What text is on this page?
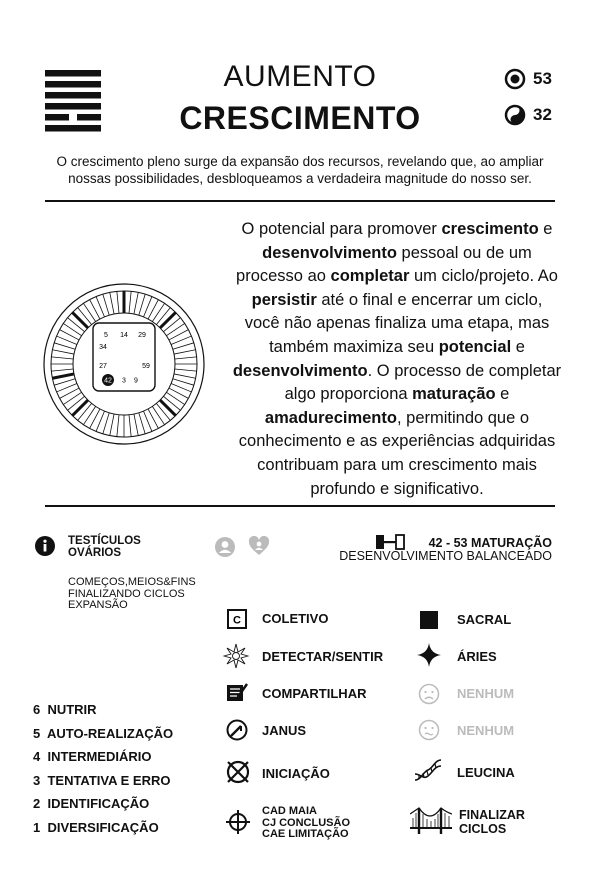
AUMENTO
CRESCIMENTO
53
32
O crescimento pleno surge da expansão dos recursos, revelando que, ao ampliar
nossas possibilidades, desbloqueamos a verdadeira magnitude do nosso ser.
5 14 29
34
27	59
42 3 9
O potencial para promover crescimento e desenvolvimento pessoal ou de um processo ao completar um ciclo/projeto. Ao persistir até o final e encerrar um ciclo, você não apenas finaliza uma etapa, mas também maximiza seu potencial e desenvolvimento. O processo de completar algo proporciona maturação e amadurecimento, permitindo que o conhecimento e as experiências adquiridas contribuam para um crescimento mais profundo e significativo.
TESTÍCULOS
OVÁRIOS
COMEÇOS,MEIOS&FINS
FINALIZANDO CICLOS
EXPANSÃO
42 - 53 MATURAÇÃO
DESENVOLVIMENTO BALANCEADO
C COLETIVO
DETECTAR/SENTIR
COMPARTILHAR
JANUS
INICIAÇÃO
CAD MAIA
CJ CONCLUSÃO
CAE LIMITAÇÃO
SACRAL
ÁRIES
NENHUM
NENHUM
LEUCINA
FINALIZAR
CICLOS
6  NUTRIR
5  AUTO-REALIZAÇÃO
4  INTERMEDIÁRIO
3  TENTATIVA E ERRO
2  IDENTIFICAÇÃO
1  DIVERSIFICAÇÃO
